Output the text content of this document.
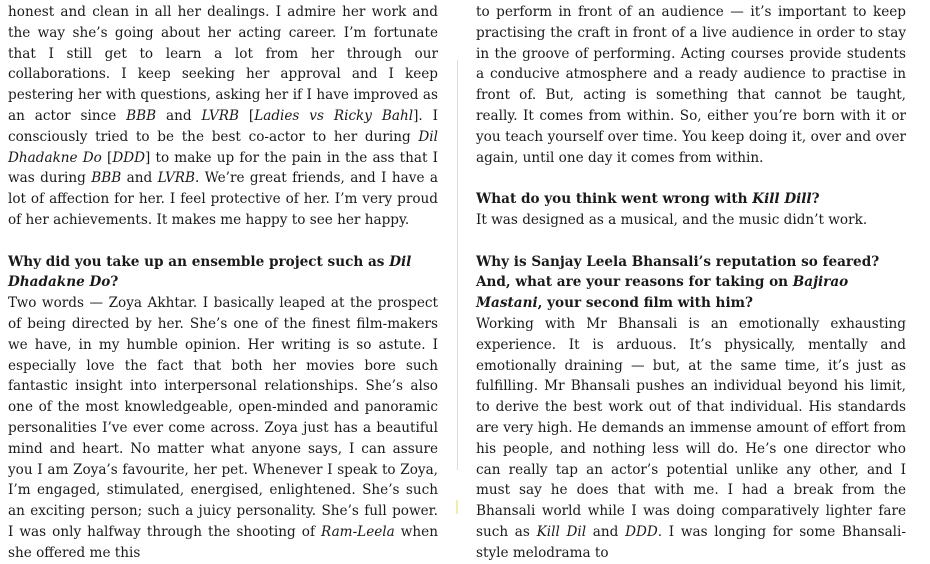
honest and clean in all her dealings. I admire her work and the way she’s going about her acting career. I’m fortunate that I still get to learn a lot from her through our collaborations. I keep seeking her approval and I keep pestering her with questions, asking her if I have improved as an actor since BBB and LVRB [Ladies vs Ricky Bahl]. I consciously tried to be the best co-actor to her during Dil Dhadakne Do [DDD] to make up for the pain in the ass that I was during BBB and LVRB. We’re great friends, and I have a lot of affection for her. I feel protective of her. I’m very proud of her achievements. It makes me happy to see her happy.

Why did you take up an ensemble project such as Dil Dhadakne Do?

Two words — Zoya Akhtar. I basically leaped at the prospect of being directed by her. She’s one of the finest film-makers we have, in my humble opinion. Her writing is so astute. I especially love the fact that both her movies bore such fantastic insight into interpersonal relationships. She’s also one of the most knowledgeable, open-minded and panoramic personalities I’ve ever come across. Zoya just has a beautiful mind and heart. No matter what anyone says, I can assure you I am Zoya’s favourite, her pet. Whenever I speak to Zoya, I’m engaged, stimulated, energised, enlightened. She’s such an exciting person; such a juicy personality. She’s full power. I was only halfway through the shooting of Ram-Leela when she offered me this

to perform in front of an audience — it’s important to keep practising the craft in front of a live audience in order to stay in the groove of performing. Acting courses provide students a conducive atmosphere and a ready audience to practise in front of. But, acting is something that cannot be taught, really. It comes from within. So, either you’re born with it or you teach yourself over time. You keep doing it, over and over again, until one day it comes from within.

What do you think went wrong with Kill Dill?

It was designed as a musical, and the music didn’t work.

Why is Sanjay Leela Bhansali’s reputation so feared? And, what are your reasons for taking on Bajirao Mastani, your second film with him?

Working with Mr Bhansali is an emotionally exhausting experience. It is arduous. It’s physically, mentally and emotionally draining — but, at the same time, it’s just as fulfilling. Mr Bhansali pushes an individual beyond his limit, to derive the best work out of that individual. His standards are very high. He demands an immense amount of effort from his people, and nothing less will do. He’s one director who can really tap an actor’s potential unlike any other, and I must say he does that with me. I had a break from the Bhansali world while I was doing comparatively lighter fare such as Kill Dil and DDD. I was longing for some Bhansali-style melodrama to
